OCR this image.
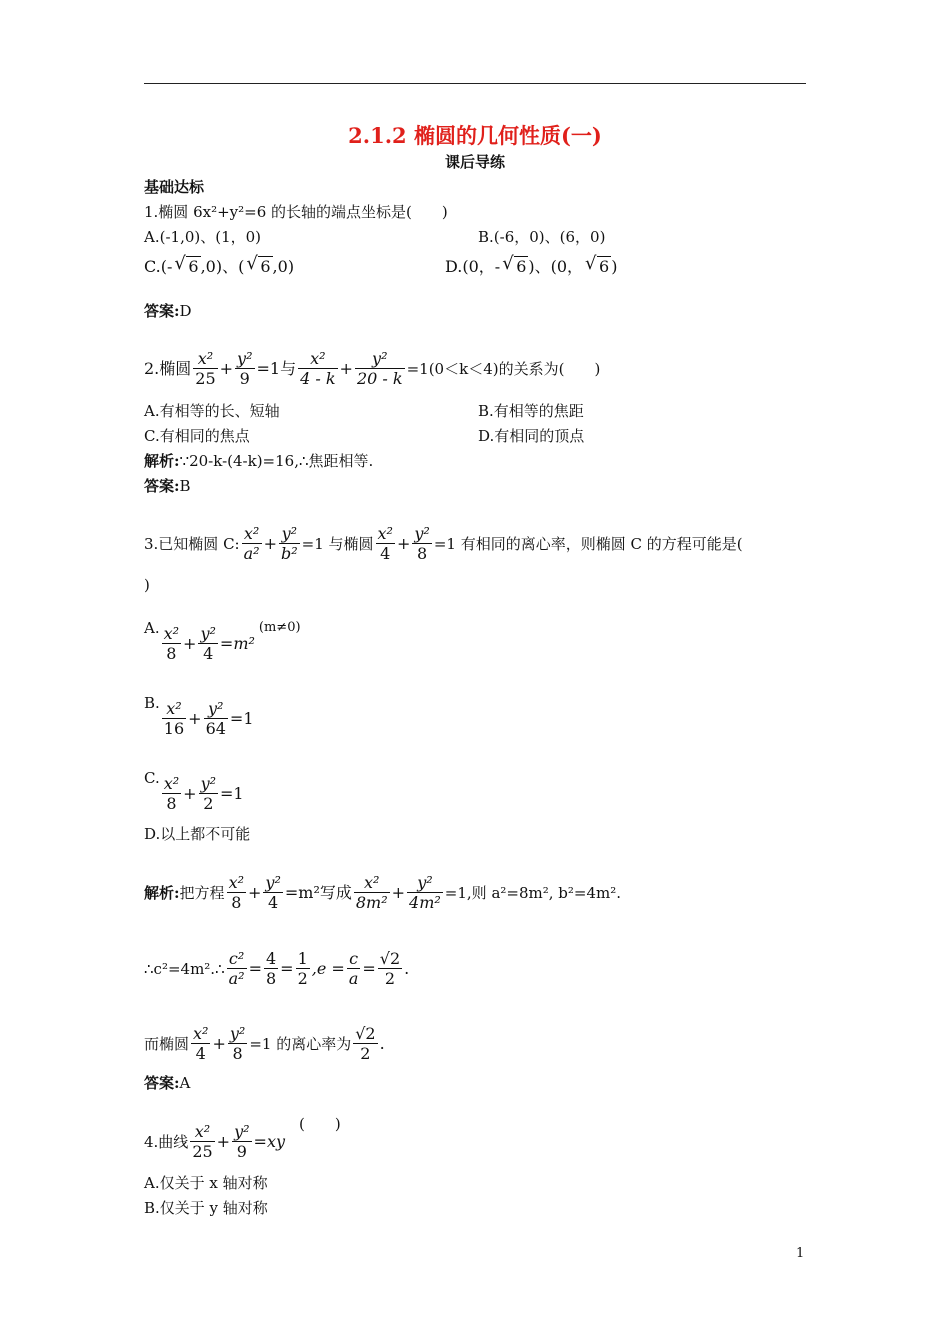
2.1.2 椭圆的几何性质(一)
课后导练
基础达标
1.椭圆 6x²+y²=6 的长轴的端点坐标是(　　)
A.(-1,0)、(1，0)	B.(-6，0)、(6，0)
C.(- √ 6 ,0)、( √ 6 ,0)	D.(0，- √ 6 )、(0， √ 6 )
答案:D
2.椭圆 $\frac{\text{x²}}{25} + \frac{\text{y²}}{9} =1$与 $\frac{\text{x²}}{4 - k} + \frac{\text{y²}}{20 - k} =1(0<k<4)$的关系为(　　)
A.有相等的长、短轴	B.有相等的焦距
C.有相同的焦点	D.有相同的顶点
解析:∵20-k-(4-k)=16,∴焦距相等.
答案:B
3.已知椭圆 C: $\frac{\text{x²}}{\text{a²}} + \frac{\text{y²}}{\text{b²}} =1$ 与椭圆 $\frac{\text{x²}}{4} + \frac{\text{y²}}{8} =1$ 有相同的离心率，则椭圆 C 的方程可能是(
)
A. $\frac{\text{x²}}{8} + \frac{\text{y²}}{4} =m^2$
(m≠0)
B. $\frac{\text{x²}}{16} + \frac{\text{y²}}{64} =1$
C. $\frac{\text{x²}}{8} + \frac{\text{y²}}{2} =1$
D.以上都不可能
解析: 把方程 $\frac{\text{x²}}{8} + \frac{\text{y²}}{4} =m^2$写成 $\frac{\text{x²}}{\text{8m²}} + \frac{\text{y²}}{\text{4m²}} =1$,则 a²=8m², b²=4m².
∴c²=4m².∴ $\frac{\text{c²}}{\text{a²}} = \frac{4}{8} = \frac{1}{2} ,e = \frac{c}{a} = \frac{√2}{2}$ .
而椭圆 $\frac{\text{x²}}{4} + \frac{\text{y²}}{8} =1$ 的离心率为 $\frac{√2}{2}$ .
答案:A
4.曲线 $\frac{\text{x²}}{25} + \frac{\text{y²}}{9} =xy$
(　　)
A.仅关于 x 轴对称
B.仅关于 y 轴对称
1
